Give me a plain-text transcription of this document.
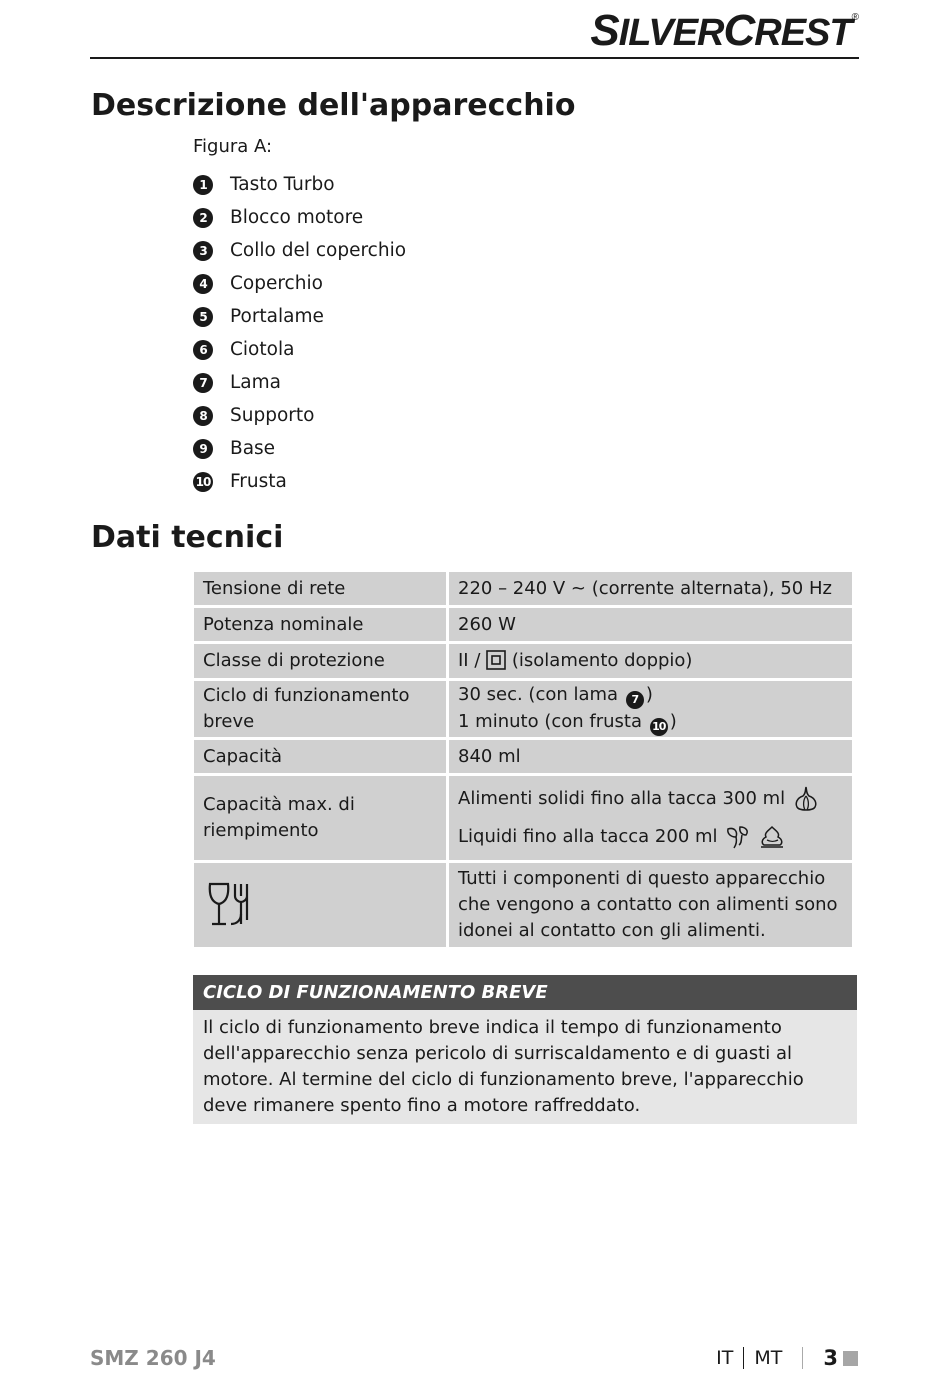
SILVERCREST®
Descrizione dell'apparecchio
Figura A:
1	Tasto Turbo
2	Blocco motore
3	Collo del coperchio
4	Coperchio
5	Portalame
6	Ciotola
7	Lama
8	Supporto
9	Base
10 Frusta
Dati tecnici
Tensione di rete	220 – 240 V ~ (corrente alternata), 50 Hz
Potenza nominale	260 W
Classe di protezione	II / (isolamento doppio)
Ciclo di funzionamento breve	30 sec. (con lama 7 )
1 minuto (con frusta 10 )

Capacità	840 ml
Capacità max. di riempimento	Alimenti solidi fino alla tacca 300 ml
Liquidi fino alla tacca 200 ml

	Tutti i componenti di questo apparecchio che vengono a contatto con alimenti sono idonei al contatto con gli alimenti.
CICLO DI FUNZIONAMENTO BREVE
Il ciclo di funzionamento breve indica il tempo di funzionamento dell'apparecchio senza pericolo di surriscaldamento e di guasti al motore. Al termine del ciclo di funzionamento breve, l'apparecchio deve rimanere spento fino a motore raffreddato.
SMZ 260 J4	IT MT 3
